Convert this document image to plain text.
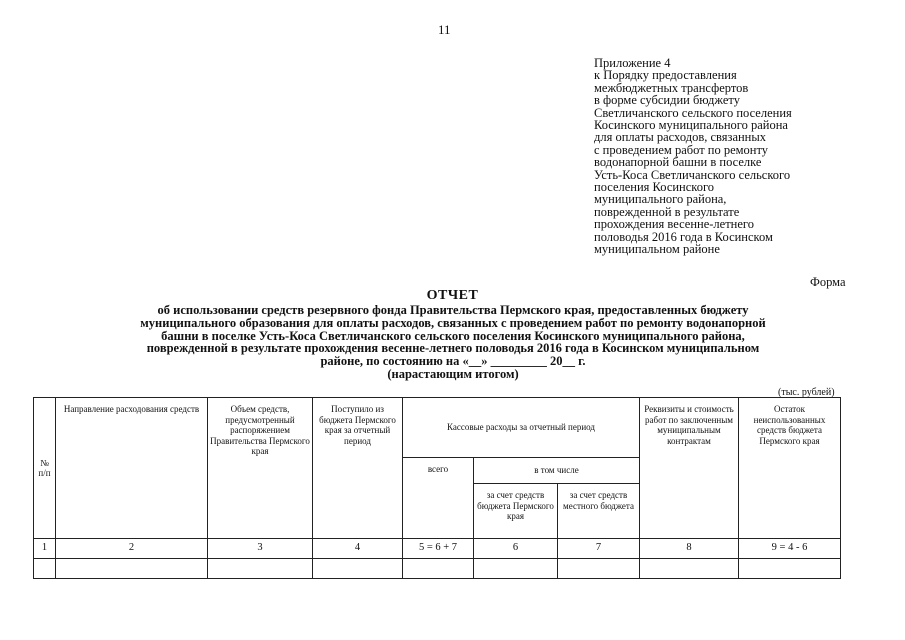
11
Приложение 4
к Порядку предоставления
межбюджетных трансфертов
в форме субсидии бюджету
Светличанского сельского поселения
Косинского муниципального района
для оплаты расходов, связанных
с проведением работ по ремонту
водонапорной башни в поселке
Усть-Коса Светличанского сельского
поселения Косинского
муниципального района,
поврежденной в результате
прохождения весенне-летнего
половодья 2016 года в Косинском
муниципальном районе
Форма
ОТЧЕТ
об использовании средств резервного фонда Правительства Пермского края, предоставленных бюджету
муниципального образования для оплаты расходов, связанных с проведением работ по ремонту водонапорной
башни в поселке Усть-Коса Светличанского сельского поселения Косинского муниципального района,
поврежденной в результате прохождения весенне-летнего половодья 2016 года в Косинском муниципальном
районе, по состоянию на «__» _________ 20__ г.
(нарастающим итогом)
(тыс. рублей)
№ п/п	Направление расходования средств	Объем средств, предусмотренный распоряжением Правительства Пермского края	Поступило из бюджета Пермского края за отчетный период	Кассовые расходы за отчетный период			Реквизиты и стоимость работ по заключенным муниципальным контрактам	Остаток неиспользованных средств бюджета Пермского края
				всего	в том числе			
					за счет средств бюджета Пермского края	за счет средств местного бюджета		
1	2	3	4	5 = 6 + 7	6	7	8	9 = 4 - 6
